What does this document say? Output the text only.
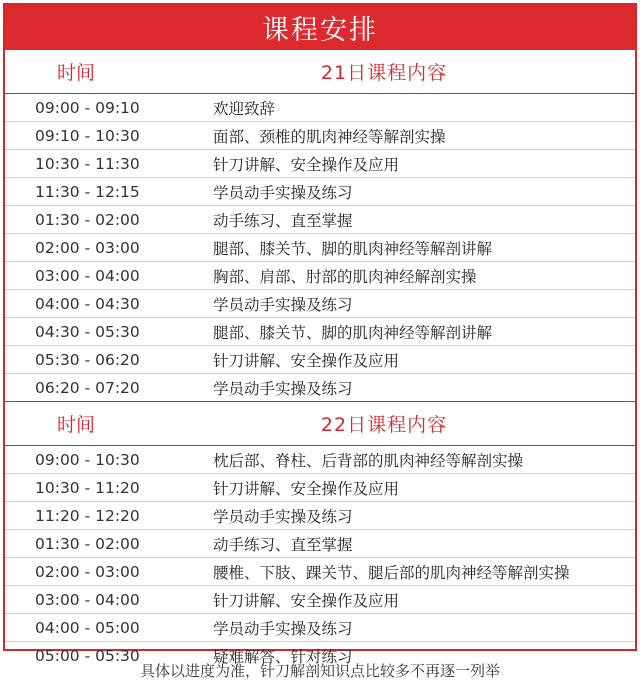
课程安排
时间	21日课程内容
09:00 - 09:10	欢迎致辞
09:10 - 10:30	面部、颈椎的肌肉神经等解剖实操
10:30 - 11:30	针刀讲解、安全操作及应用
11:30 - 12:15	学员动手实操及练习
01:30 - 02:00	动手练习、直至掌握
02:00 - 03:00	腿部、膝关节、脚的肌肉神经等解剖讲解
03:00 - 04:00	胸部、肩部、肘部的肌肉神经解剖实操
04:00 - 04:30	学员动手实操及练习
04:30 - 05:30	腿部、膝关节、脚的肌肉神经等解剖讲解
05:30 - 06:20	针刀讲解、安全操作及应用
06:20 - 07:20	学员动手实操及练习
时间	22日课程内容
09:00 - 10:30	枕后部、脊柱、后背部的肌肉神经等解剖实操
10:30 - 11:20	针刀讲解、安全操作及应用
11:20 - 12:20	学员动手实操及练习
01:30 - 02:00	动手练习、直至掌握
02:00 - 03:00	腰椎、下肢、踝关节、腿后部的肌肉神经等解剖实操
03:00 - 04:00	针刀讲解、安全操作及应用
04:00 - 05:00	学员动手实操及练习
05:00 - 05:30	疑难解答、针对练习
具体以进度为准，针刀解剖知识点比较多不再逐一列举
